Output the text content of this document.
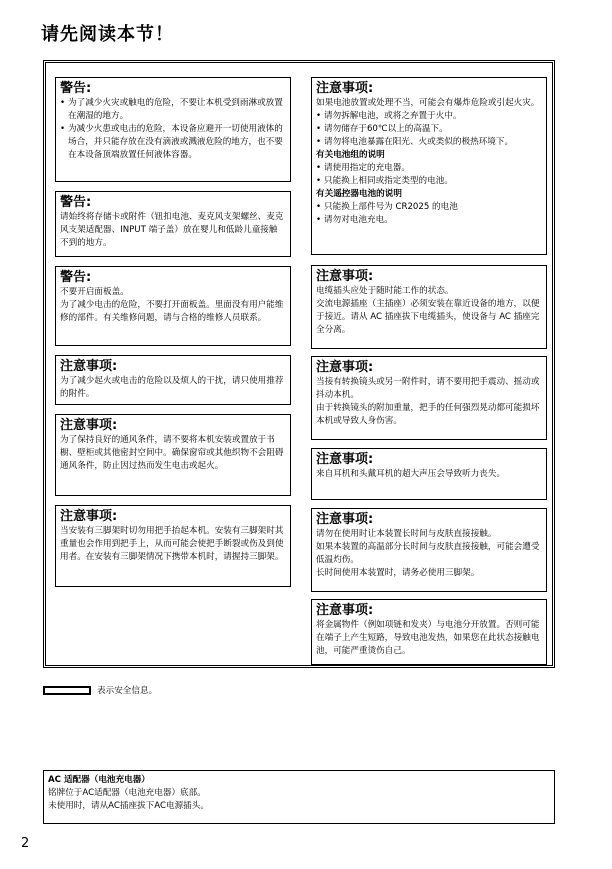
请先阅读本节！
警告:
• 为了减少火灾或触电的危险，不要让本机受到雨淋或放置在潮湿的地方。
• 为减少火患或电击的危险，本设备应避开一切使用液体的场合，并只能存放在没有滴液或溅液危险的地方，也不要在本设备顶端放置任何液体容器。
警告:

请始终将存储卡或附件（钮扣电池、麦克风支架螺丝、麦克风支架适配器、INPUT 端子盖）放在婴儿和低龄儿童接触不到的地方。

警告:

不要开启面板盖。

为了减少电击的危险，不要打开面板盖。里面没有用户能维修的部件。有关维修问题，请与合格的维修人员联系。

注意事项:

为了减少起火或电击的危险以及烦人的干扰，请只使用推荐的附件。

注意事项:

为了保持良好的通风条件，请不要将本机安装或置放于书橱、壁柜或其他密封空间中。确保窗帘或其他织物不会阻碍通风条件，防止因过热而发生电击或起火。

注意事项:

当安装有三脚架时切勿用把手抬起本机。安装有三脚架时其重量也会作用到把手上，从而可能会使把手断裂或伤及到使用者。在安装有三脚架情况下携带本机时，请握持三脚架。

注意事项:

如果电池放置或处理不当，可能会有爆炸危险或引起火灾。

• 请勿拆解电池，或将之弃置于火中。
• 请勿储存于60℃以上的高温下。
• 请勿将电池暴露在阳光、火或类似的极热环境下。

有关电池组的说明

• 请使用指定的充电器。
• 只能换上相同或指定类型的电池。

有关遥控器电池的说明

• 只能换上部件号为 CR2025 的电池
• 请勿对电池充电。
注意事项:

电缆插头应处于随时能工作的状态。

交流电源插座（主插座）必须安装在靠近设备的地方，以便于接近。请从 AC 插座拔下电缆插头，使设备与 AC 插座完全分离。

注意事项:

当接有转换镜头或另一附件时，请不要用把手震动、摇动或抖动本机。

由于转换镜头的附加重量，把手的任何强烈晃动都可能损坏本机或导致人身伤害。

注意事项:

来自耳机和头戴耳机的超大声压会导致听力丧失。

注意事项:

请勿在使用时让本装置长时间与皮肤直接接触。

如果本装置的高温部分长时间与皮肤直接接触，可能会遭受低温灼伤。

长时间使用本装置时，请务必使用三脚架。

注意事项:

将金属物件（例如项链和发夹）与电池分开放置。否则可能在端子上产生短路，导致电池发热，如果您在此状态接触电池，可能严重烫伤自己。

表示安全信息。

AC 适配器（电池充电器）

铭牌位于AC适配器（电池充电器）底部。

未使用时，请从AC插座拔下AC电源插头。

2
